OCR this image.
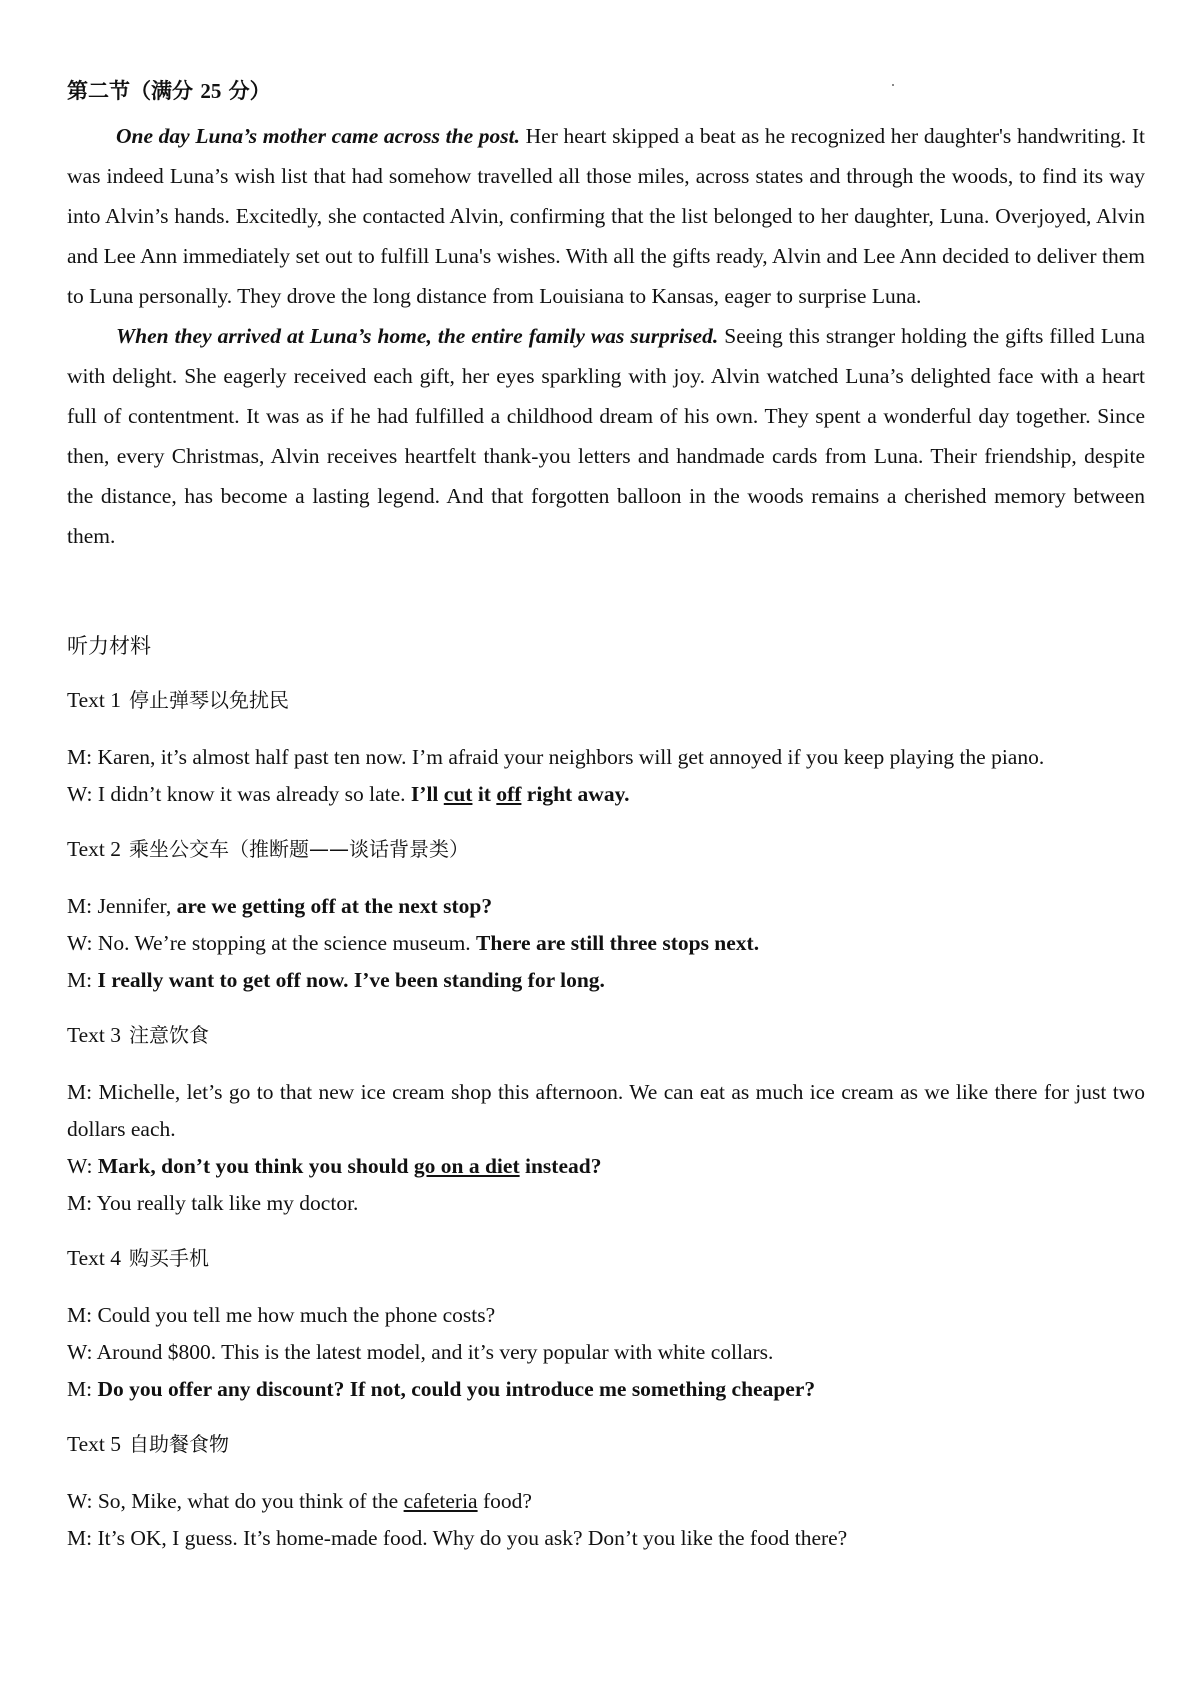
第二节（满分 25 分）

One day Luna’s mother came across the post. Her heart skipped a beat as he recognized her daughter's handwriting. It was indeed Luna’s wish list that had somehow travelled all those miles, across states and through the woods, to find its way into Alvin’s hands. Excitedly, she contacted Alvin, confirming that the list belonged to her daughter, Luna. Overjoyed, Alvin and Lee Ann immediately set out to fulfill Luna's wishes. With all the gifts ready, Alvin and Lee Ann decided to deliver them to Luna personally. They drove the long distance from Louisiana to Kansas, eager to surprise Luna.

When they arrived at Luna’s home, the entire family was surprised. Seeing this stranger holding the gifts filled Luna with delight. She eagerly received each gift, her eyes sparkling with joy. Alvin watched Luna’s delighted face with a heart full of contentment. It was as if he had fulfilled a childhood dream of his own. They spent a wonderful day together. Since then, every Christmas, Alvin receives heartfelt thank-you letters and handmade cards from Luna. Their friendship, despite the distance, has become a lasting legend. And that forgotten balloon in the woods remains a cherished memory between them.

听力材料
Text 1 停止弹琴以免扰民

M: Karen, it’s almost half past ten now. I’m afraid your neighbors will get annoyed if you keep playing the piano.

W: I didn’t know it was already so late. I’ll cut it off right away.

Text 2 乘坐公交车（推断题——谈话背景类）

M: Jennifer, are we getting off at the next stop?

W: No. We’re stopping at the science museum. There are still three stops next.

M: I really want to get off now. I’ve been standing for long.

Text 3 注意饮食

M: Michelle, let’s go to that new ice cream shop this afternoon. We can eat as much ice cream as we like there for just two dollars each.

W: Mark, don’t you think you should go on a diet instead?

M: You really talk like my doctor.

Text 4 购买手机

M: Could you tell me how much the phone costs?

W: Around $800. This is the latest model, and it’s very popular with white collars.

M: Do you offer any discount? If not, could you introduce me something cheaper?

Text 5 自助餐食物

W: So, Mike, what do you think of the cafeteria food?

M: It’s OK, I guess. It’s home-made food. Why do you ask? Don’t you like the food there?
